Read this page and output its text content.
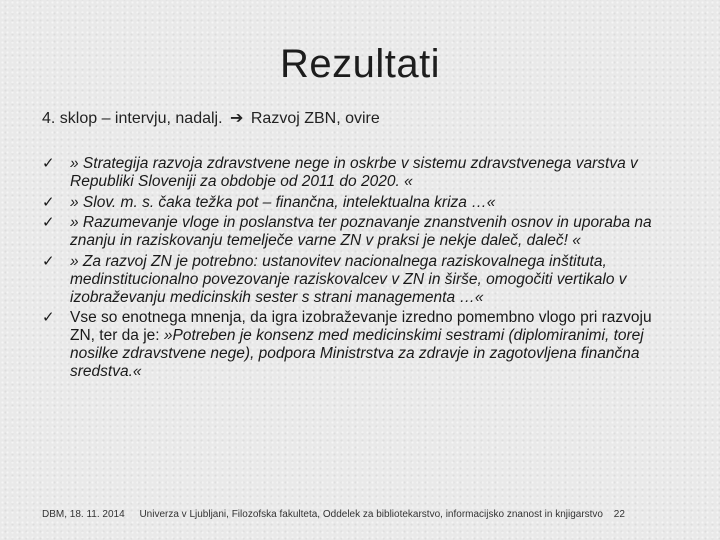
Rezultati
4. sklop – intervju, nadalj. ➔ Razvoj ZBN, ovire
✓ » Strategija razvoja zdravstvene nege in oskrbe v sistemu zdravstvenega varstva v Republiki Sloveniji za obdobje od 2011 do 2020. «
✓ » Slov. m. s. čaka težka pot – finančna, intelektualna kriza …«
✓ » Razumevanje vloge in poslanstva ter poznavanje znanstvenih osnov in uporaba na znanju in raziskovanju temelječe varne ZN v praksi je nekje daleč, daleč! «
✓ » Za razvoj ZN je potrebno: ustanovitev nacionalnega raziskovalnega inštituta, medinstitucionalno povezovanje raziskovalcev v ZN in širše, omogočiti vertikalo v izobraževanju medicinskih sester s strani managementa …«
✓ Vse so enotnega mnenja, da igra izobraževanje izredno pomembno vlogo pri razvoju ZN, ter da je: »Potreben je konsenz med medicinskimi sestrami (diplomiranimi, torej nosilke zdravstvene nege), podpora Ministrstva za zdravje in zagotovljena finančna sredstva.«
DBM, 18. 11. 2014 Univerza v Ljubljani, Filozofska fakulteta, Oddelek za bibliotekarstvo, informacijsko znanost in knjigarstvo 22
